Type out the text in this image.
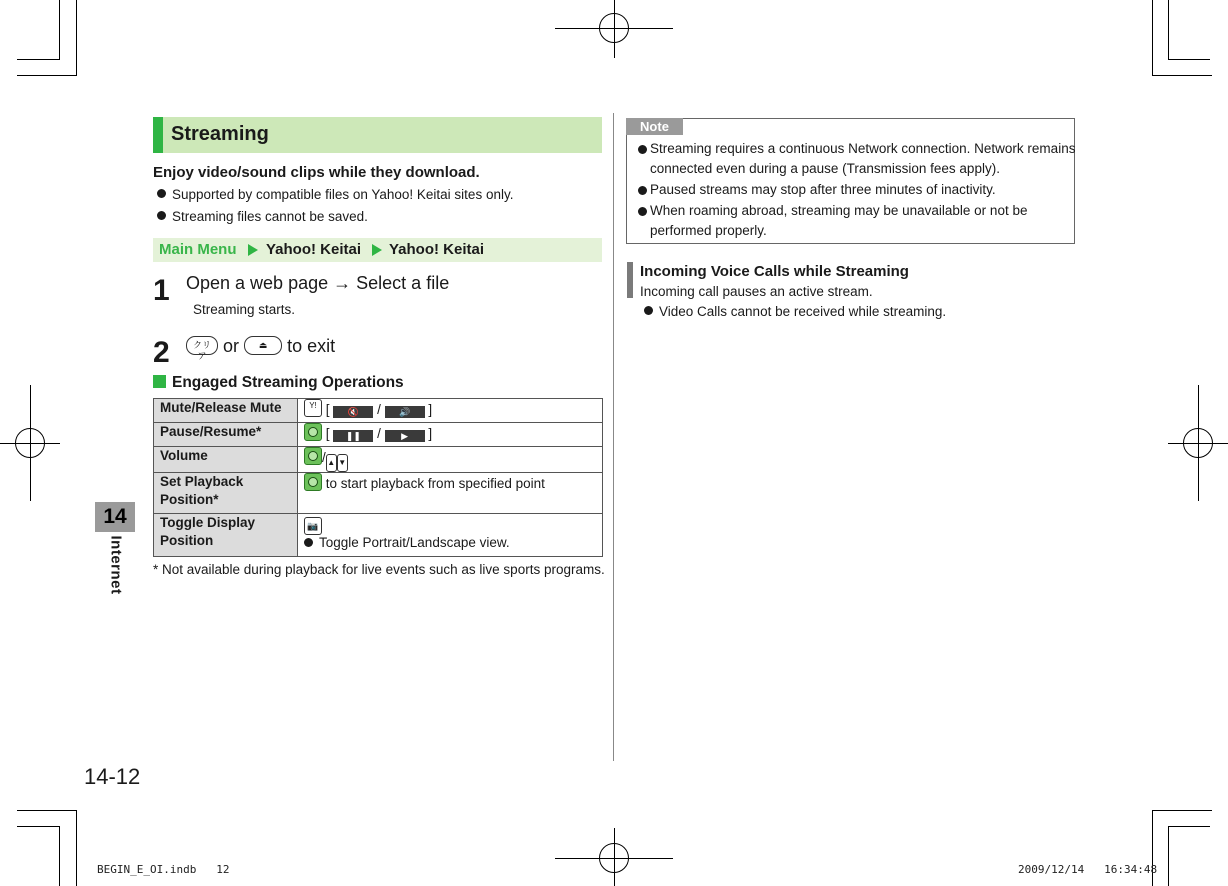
14
Internet
Streaming
Enjoy video/sound clips while they download.
Supported by compatible files on Yahoo! Keitai sites only.
Streaming files cannot be saved.
Main Menu Yahoo! Keitai Yahoo! Keitai
1 Open a web page → Select a file
Streaming starts.
2	クリア or	⏏	to exit
Engaged Streaming Operations
Mute/Release Mute	Y! [ 🔇 / 🔊 ]
Pause/Resume*	[ ❚❚ / ▶ ]
Volume	/ ▲ ▼
Set Playback Position*	to start playback from specified point
Toggle Display Position	📷
Toggle Portrait/Landscape view.
* Not available during playback for live events such as live sports programs.
Note
Streaming requires a continuous Network connection. Network remains
connected even during a pause (Transmission fees apply).
Paused streams may stop after three minutes of inactivity.
When roaming abroad, streaming may be unavailable or not be
performed properly.
Incoming Voice Calls while Streaming
Incoming call pauses an active stream.
Video Calls cannot be received while streaming.
14-12
BEGIN_E_OI.indb 12	2009/12/14 16:34:48
